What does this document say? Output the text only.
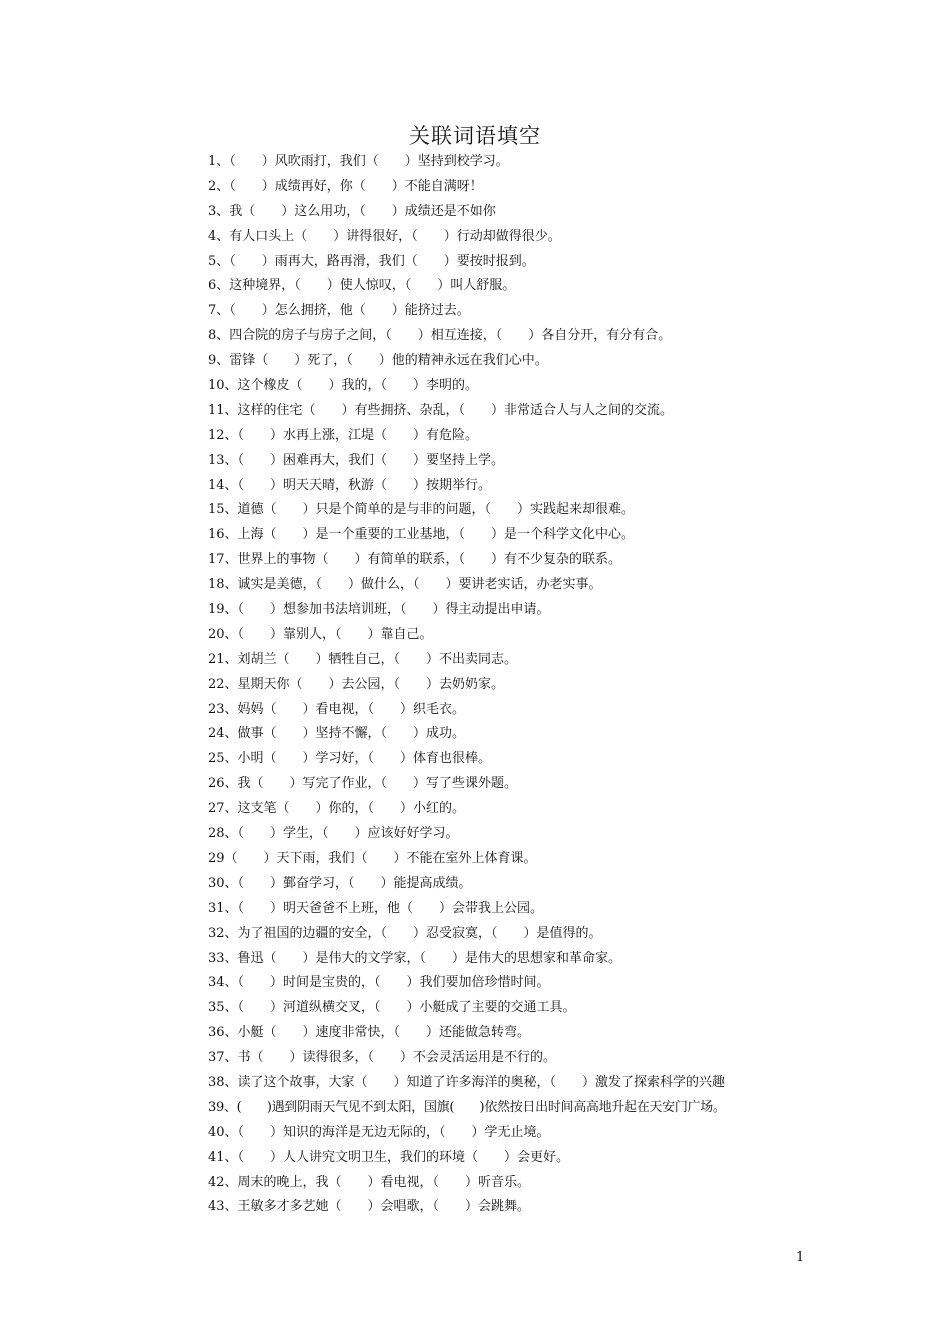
关联词语填空
1、（　　）风吹雨打，我们（　　）坚持到校学习。
2、（　　）成绩再好，你（　　）不能自满呀！
3、我（　　）这么用功，（　　）成绩还是不如你
4、有人口头上（　　）讲得很好，（　　）行动却做得很少。
5、（　　）雨再大，路再滑，我们（　　）要按时报到。
6、这种境界，（　　）使人惊叹，（　　）叫人舒服。
7、（　　）怎么拥挤，他（　　）能挤过去。
8、四合院的房子与房子之间，（　　）相互连接，（　　）各自分开，有分有合。
9、雷锋（　　）死了，（　　）他的精神永远在我们心中。
10、这个橡皮（　　）我的，（　　）李明的。
11、这样的住宅（　　）有些拥挤、杂乱，（　　）非常适合人与人之间的交流。
12、（　　）水再上涨，江堤（　　）有危险。
13、（　　）困难再大，我们（　　）要坚持上学。
14、（　　）明天天晴，秋游（　　）按期举行。
15、道德（　　）只是个简单的是与非的问题，（　　）实践起来却很难。
16、上海（　　）是一个重要的工业基地，（　　）是一个科学文化中心。
17、世界上的事物（　　）有简单的联系，（　　）有不少复杂的联系。
18、诚实是美德，（　　）做什么，（　　）要讲老实话，办老实事。
19、（　　）想参加书法培训班，（　　）得主动提出申请。
20、（　　）靠别人，（　　）靠自己。
21、刘胡兰（　　）牺牲自己，（　　）不出卖同志。
22、星期天你（　　）去公园，（　　）去奶奶家。
23、妈妈（　　）看电视，（　　）织毛衣。
24、做事（　　）坚持不懈，（　　）成功。
25、小明（　　）学习好，（　　）体育也很棒。
26、我（　　）写完了作业，（　　）写了些课外题。
27、这支笔（　　）你的，（　　）小红的。
28、（　　）学生，（　　）应该好好学习。
29（　　）天下雨，我们（　　）不能在室外上体育课。
30、（　　）鄞奋学习，（　　）能提高成绩。
31、（　　）明天爸爸不上班，他（　　）会带我上公园。
32、为了祖国的边疆的安全，（　　）忍受寂寞，（　　）是值得的。
33、鲁迅（　　）是伟大的文学家，（　　）是伟大的思想家和革命家。
34、（　　）时间是宝贵的，（　　）我们要加倍珍惜时间。
35、（　　）河道纵横交叉，（　　）小艇成了主要的交通工具。
36、小艇（　　）速度非常快，（　　）还能做急转弯。
37、书（　　）读得很多，（　　）不会灵活运用是不行的。
38、读了这个故事，大家（　　）知道了许多海洋的奥秘，（　　）激发了探索科学的兴趣
39、(　　)遇到阴雨天气见不到太阳，国旗(　　)依然按日出时间高高地升起在天安门广场。
40、（　　）知识的海洋是无边无际的，（　　）学无止境。
41、（　　）人人讲究文明卫生，我们的环境（　　）会更好。
42、周末的晚上，我（　　）看电视，（　　）听音乐。
43、王敏多才多艺她（　　）会唱歌，（　　）会跳舞。
1
